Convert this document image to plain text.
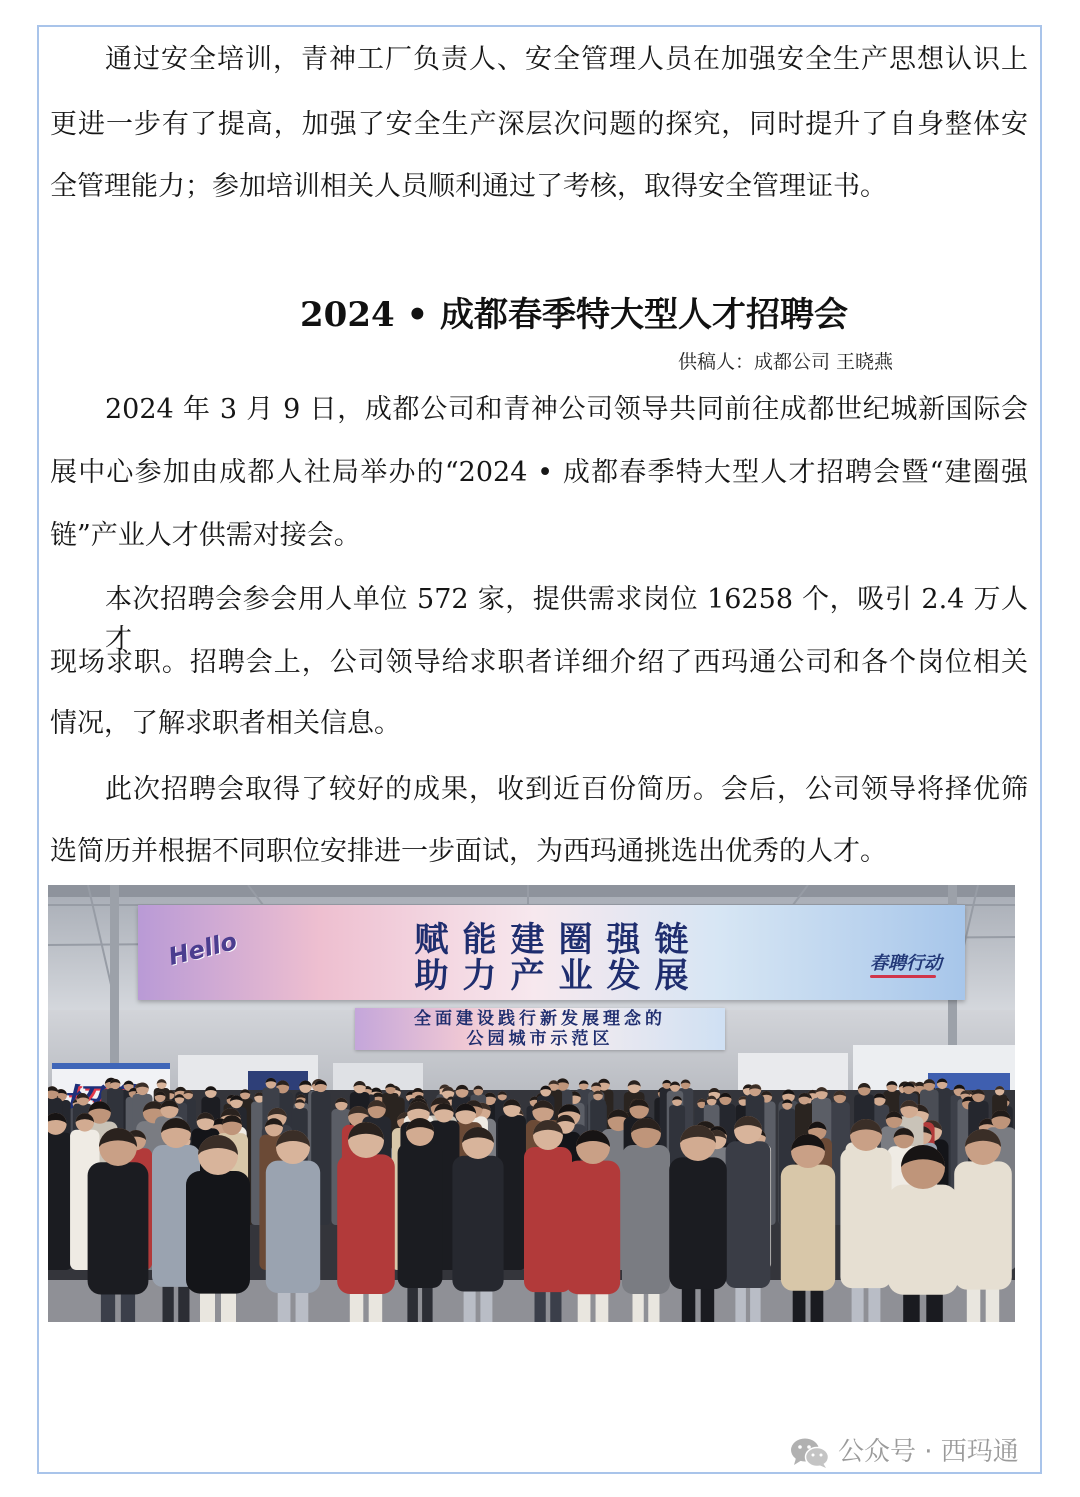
通过安全培训，青神工厂负责人、安全管理人员在加强安全生产思想认识上
更进一步有了提高，加强了安全生产深层次问题的探究，同时提升了自身整体安
全管理能力；参加培训相关人员顺利通过了考核，取得安全管理证书。
2024 • 成都春季特大型人才招聘会
供稿人：成都公司 王晓燕
2024 年 3 月 9 日，成都公司和青神公司领导共同前往成都世纪城新国际会
展中心参加由成都人社局举办的“2024 • 成都春季特大型人才招聘会暨“建圈强
链”产业人才供需对接会。
本次招聘会参会用人单位 572 家，提供需求岗位 16258 个，吸引 2.4 万人才
现场求职。招聘会上，公司领导给求职者详细介绍了西玛通公司和各个岗位相关
情况，了解求职者相关信息。
此次招聘会取得了较好的成果，收到近百份简历。会后，公司领导将择优筛
选简历并根据不同职位安排进一步面试，为西玛通挑选出优秀的人才。
Hello	赋能建圈强链
助力产业发展	春聘行动
全面建设践行新发展理念的
公园城市示范区
公众号 · 西玛通
